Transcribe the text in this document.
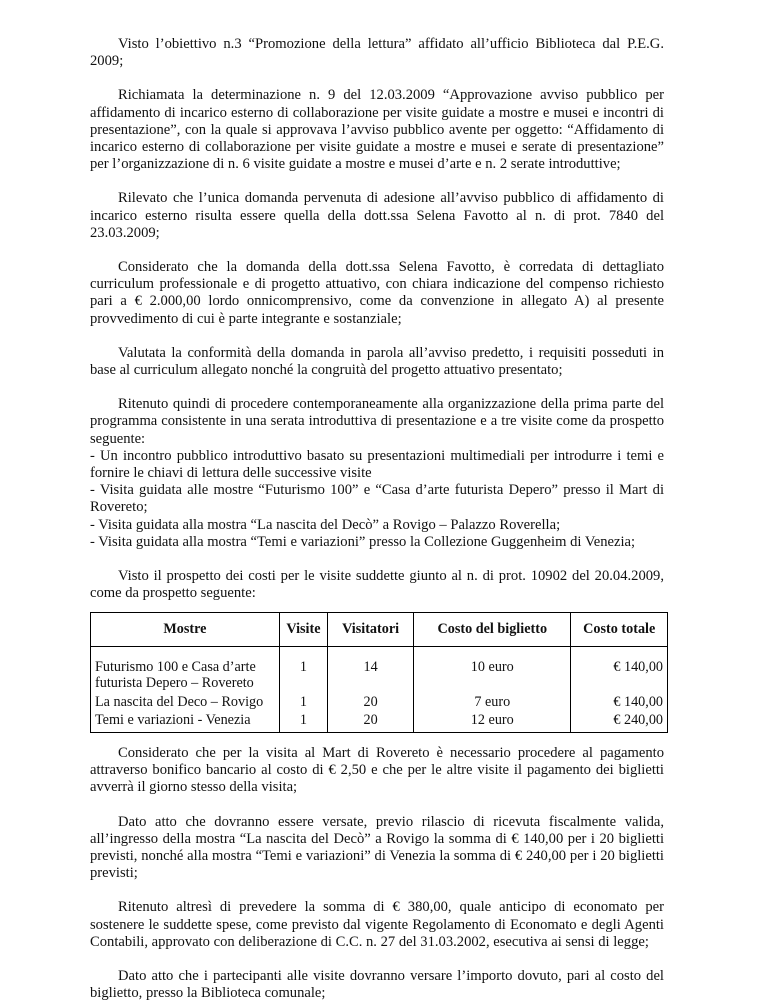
Visto l’obiettivo n.3 “Promozione della lettura” affidato all’ufficio Biblioteca dal P.E.G. 2009;

Richiamata la determinazione n. 9 del 12.03.2009 “Approvazione avviso pubblico per affidamento di incarico esterno di collaborazione per visite guidate a mostre e musei e incontri di presentazione”, con la quale si approvava l’avviso pubblico avente per oggetto: “Affidamento di incarico esterno di collaborazione per visite guidate a mostre e musei e serate di presentazione” per l’organizzazione di n. 6 visite guidate a mostre e musei d’arte e n. 2 serate introduttive;

Rilevato che l’unica domanda pervenuta di adesione all’avviso pubblico di affidamento di incarico esterno risulta essere quella della dott.ssa Selena Favotto al n. di prot. 7840 del 23.03.2009;

Considerato che la domanda della dott.ssa Selena Favotto, è corredata di dettagliato curriculum professionale e di progetto attuativo, con chiara indicazione del compenso richiesto pari a € 2.000,00 lordo onnicomprensivo, come da convenzione in allegato A) al presente provvedimento di cui è parte integrante e sostanziale;

Valutata la conformità della domanda in parola all’avviso predetto, i requisiti posseduti in base al curriculum allegato nonché la congruità del progetto attuativo presentato;

Ritenuto quindi di procedere contemporaneamente alla organizzazione della prima parte del programma consistente in una serata introduttiva di presentazione e a tre visite come da prospetto seguente:
- Un incontro pubblico introduttivo basato su presentazioni multimediali per introdurre i temi e fornire le chiavi di lettura delle successive visite
- Visita guidata alle mostre “Futurismo 100” e “Casa d’arte futurista Depero” presso il Mart di Rovereto;
- Visita guidata alla mostra “La nascita del Decò” a Rovigo – Palazzo Roverella;
- Visita guidata alla mostra “Temi e variazioni” presso la Collezione Guggenheim di Venezia;

Visto il prospetto dei costi per le visite suddette giunto al n. di prot. 10902 del 20.04.2009, come da prospetto seguente:

Mostre	Visite	Visitatori	Costo del biglietto	Costo totale
Futurismo 100 e Casa d’arte futurista Depero – Rovereto	1	14	10 euro	€ 140,00
La nascita del Deco – Rovigo	1	20	7 euro	€ 140,00
Temi e variazioni - Venezia	1	20	12 euro	€ 240,00

Considerato che per la visita al Mart di Rovereto è necessario procedere al pagamento attraverso bonifico bancario al costo di € 2,50 e che per le altre visite il pagamento dei biglietti avverrà il giorno stesso della visita;

Dato atto che dovranno essere versate, previo rilascio di ricevuta fiscalmente valida, all’ingresso della mostra “La nascita del Decò” a Rovigo la somma di € 140,00 per i 20 biglietti previsti, nonché alla mostra “Temi e variazioni” di Venezia la somma di € 240,00 per i 20 biglietti previsti;

Ritenuto altresì di prevedere la somma di € 380,00, quale anticipo di economato per sostenere le suddette spese, come previsto dal vigente Regolamento di Economato e degli Agenti Contabili, approvato con deliberazione di C.C. n. 27 del 31.03.2002, esecutiva ai sensi di legge;

Dato atto che i partecipanti alle visite dovranno versare l’importo dovuto, pari al costo del biglietto, presso la Biblioteca comunale;
